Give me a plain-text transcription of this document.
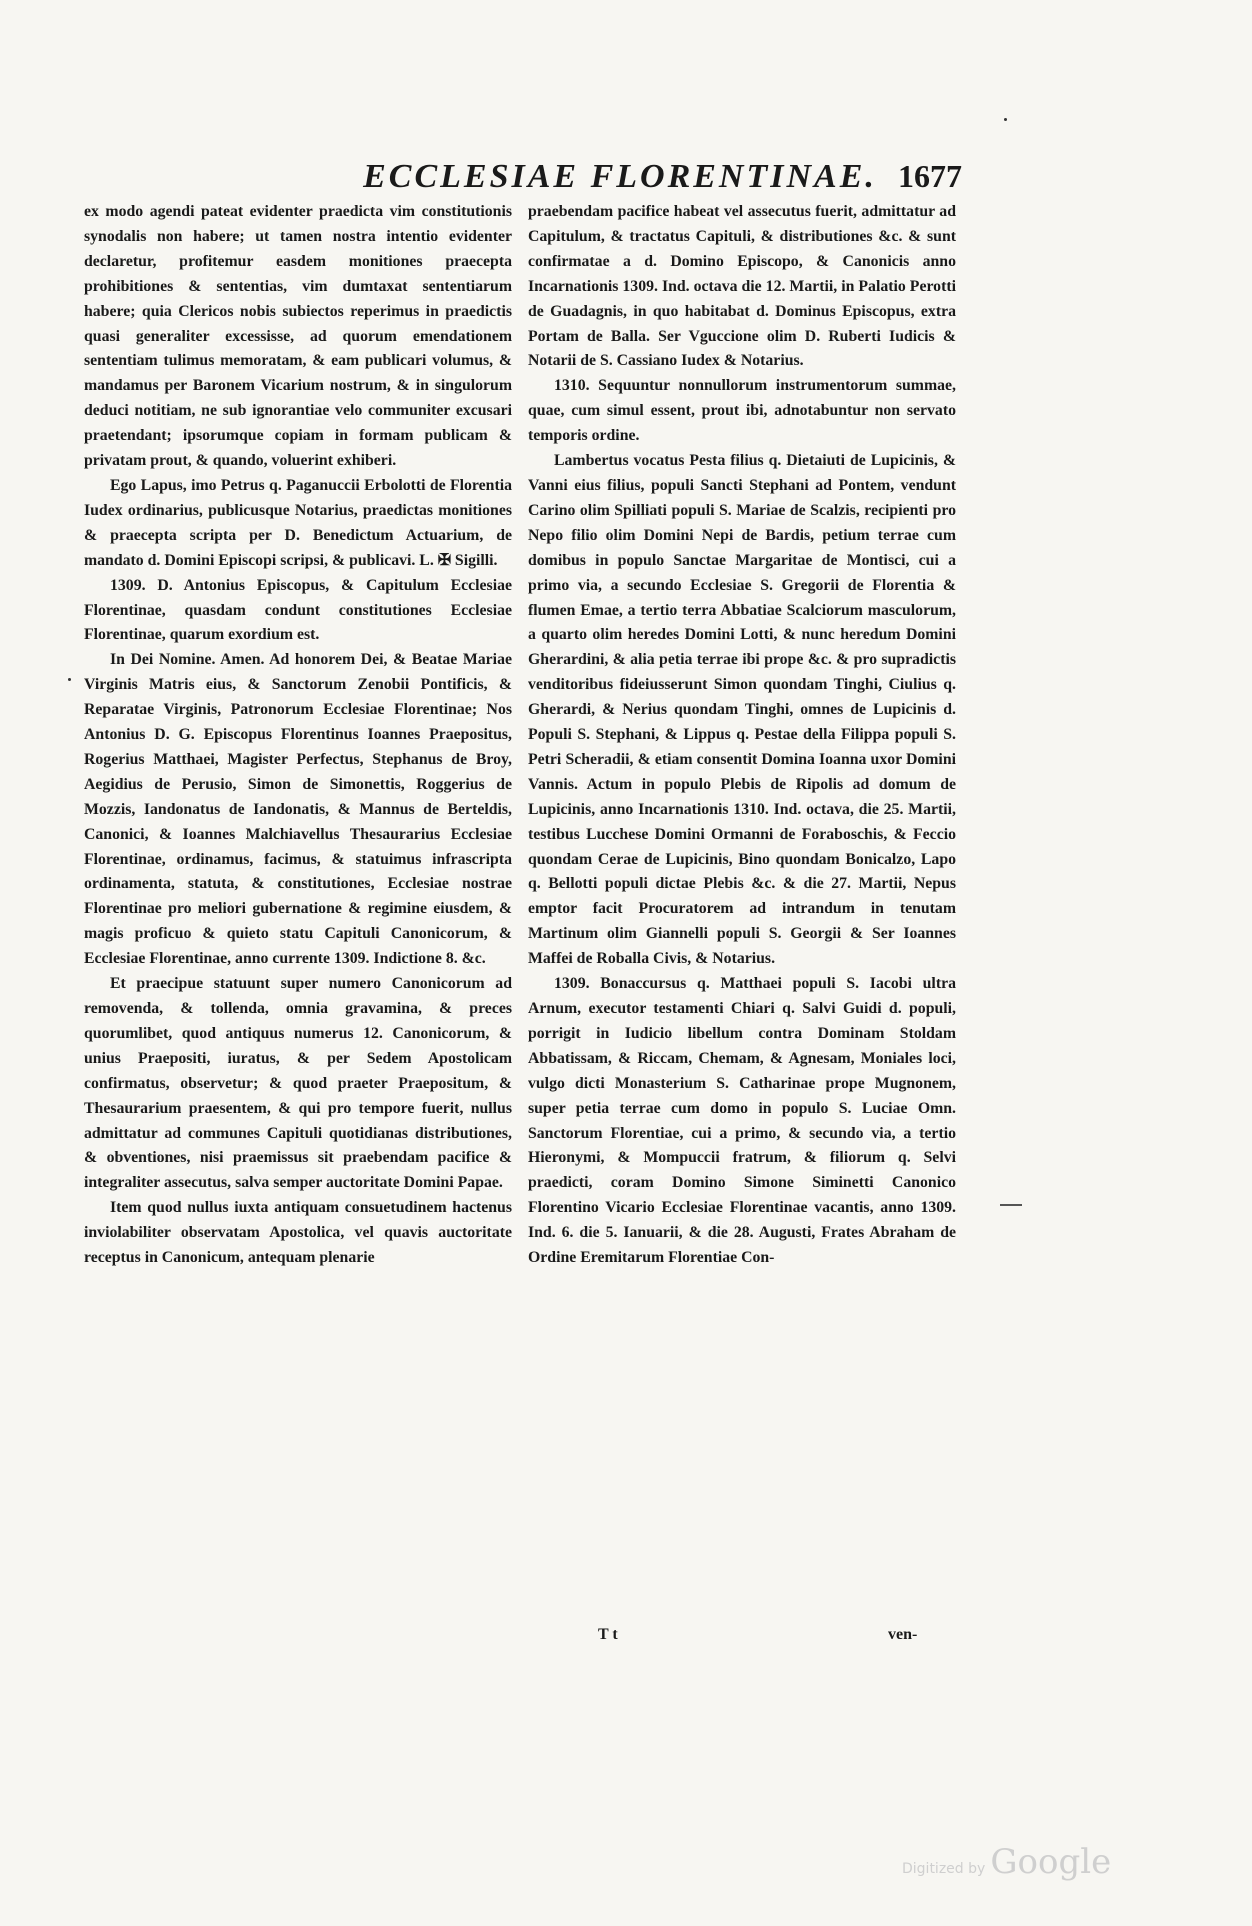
ECCLESIAE FLORENTINAE. 1677

ex modo agendi pateat evidenter praedicta vim constitutionis synodalis non habere; ut tamen nostra intentio evidenter declaretur, profitemur easdem monitiones praecepta prohibitiones & sententias, vim dumtaxat sententiarum habere; quia Clericos nobis subiectos reperimus in praedictis quasi generaliter excessisse, ad quorum emendationem sententiam tulimus memoratam, & eam publicari volumus, & mandamus per Baronem Vicarium nostrum, & in singulorum deduci notitiam, ne sub ignorantiae velo communiter excusari praetendant; ipsorumque copiam in formam publicam & privatam prout, & quando, voluerint exhiberi.

Ego Lapus, imo Petrus q. Paganuccii Erbolotti de Florentia Iudex ordinarius, publicusque Notarius, praedictas monitiones & praecepta scripta per D. Benedictum Actuarium, de mandato d. Domini Episcopi scripsi, & publicavi. L. ✠ Sigilli.

1309. D. Antonius Episcopus, & Capitulum Ecclesiae Florentinae, quasdam condunt constitutiones Ecclesiae Florentinae, quarum exordium est.

In Dei Nomine. Amen. Ad honorem Dei, & Beatae Mariae Virginis Matris eius, & Sanctorum Zenobii Pontificis, & Reparatae Virginis, Patronorum Ecclesiae Florentinae; Nos Antonius D. G. Episcopus Florentinus Ioannes Praepositus, Rogerius Matthaei, Magister Perfectus, Stephanus de Broy, Aegidius de Perusio, Simon de Simonettis, Roggerius de Mozzis, Iandonatus de Iandonatis, & Mannus de Berteldis, Canonici, & Ioannes Malchiavellus Thesaurarius Ecclesiae Florentinae, ordinamus, facimus, & statuimus infrascripta ordinamenta, statuta, & constitutiones, Ecclesiae nostrae Florentinae pro meliori gubernatione & regimine eiusdem, & magis proficuo & quieto statu Capituli Canonicorum, & Ecclesiae Florentinae, anno currente 1309. Indictione 8. &c.

Et praecipue statuunt super numero Canonicorum ad removenda, & tollenda, omnia gravamina, & preces quorumlibet, quod antiquus numerus 12. Canonicorum, & unius Praepositi, iuratus, & per Sedem Apostolicam confirmatus, observetur; & quod praeter Praepositum, & Thesaurarium praesentem, & qui pro tempore fuerit, nullus admittatur ad communes Capituli quotidianas distributiones, & obventiones, nisi praemissus sit praebendam pacifice & integraliter assecutus, salva semper auctoritate Domini Papae.

Item quod nullus iuxta antiquam consuetudinem hactenus inviolabiliter observatam Apostolica, vel quavis auctoritate receptus in Canonicum, antequam plenarie

praebendam pacifice habeat vel assecutus fuerit, admittatur ad Capitulum, & tractatus Capituli, & distributiones &c. & sunt confirmatae a d. Domino Episcopo, & Canonicis anno Incarnationis 1309. Ind. octava die 12. Martii, in Palatio Perotti de Guadagnis, in quo habitabat d. Dominus Episcopus, extra Portam de Balla. Ser Vguccione olim D. Ruberti Iudicis & Notarii de S. Cassiano Iudex & Notarius.

1310. Sequuntur nonnullorum instrumentorum summae, quae, cum simul essent, prout ibi, adnotabuntur non servato temporis ordine.

Lambertus vocatus Pesta filius q. Dietaiuti de Lupicinis, & Vanni eius filius, populi Sancti Stephani ad Pontem, vendunt Carino olim Spilliati populi S. Mariae de Scalzis, recipienti pro Nepo filio olim Domini Nepi de Bardis, petium terrae cum domibus in populo Sanctae Margaritae de Montisci, cui a primo via, a secundo Ecclesiae S. Gregorii de Florentia & flumen Emae, a tertio terra Abbatiae Scalciorum masculorum, a quarto olim heredes Domini Lotti, & nunc heredum Domini Gherardini, & alia petia terrae ibi prope &c. & pro supradictis venditoribus fideiusserunt Simon quondam Tinghi, Ciulius q. Gherardi, & Nerius quondam Tinghi, omnes de Lupicinis d. Populi S. Stephani, & Lippus q. Pestae della Filippa populi S. Petri Scheradii, & etiam consentit Domina Ioanna uxor Domini Vannis. Actum in populo Plebis de Ripolis ad domum de Lupicinis, anno Incarnationis 1310. Ind. octava, die 25. Martii, testibus Lucchese Domini Ormanni de Foraboschis, & Feccio quondam Cerae de Lupicinis, Bino quondam Bonicalzo, Lapo q. Bellotti populi dictae Plebis &c. & die 27. Martii, Nepus emptor facit Procuratorem ad intrandum in tenutam Martinum olim Giannelli populi S. Georgii & Ser Ioannes Maffei de Roballa Civis, & Notarius.

1309. Bonaccursus q. Matthaei populi S. Iacobi ultra Arnum, executor testamenti Chiari q. Salvi Guidi d. populi, porrigit in Iudicio libellum contra Dominam Stoldam Abbatissam, & Riccam, Chemam, & Agnesam, Moniales loci, vulgo dicti Monasterium S. Catharinae prope Mugnonem, super petia terrae cum domo in populo S. Luciae Omn. Sanctorum Florentiae, cui a primo, & secundo via, a tertio Hieronymi, & Mompuccii fratrum, & filiorum q. Selvi praedicti, coram Domino Simone Siminetti Canonico Florentino Vicario Ecclesiae Florentinae vacantis, anno 1309. Ind. 6. die 5. Ianuarii, & die 28. Augusti, Frates Abraham de Ordine Eremitarum Florentiae Con-

T t	ven-
Digitized by Google
